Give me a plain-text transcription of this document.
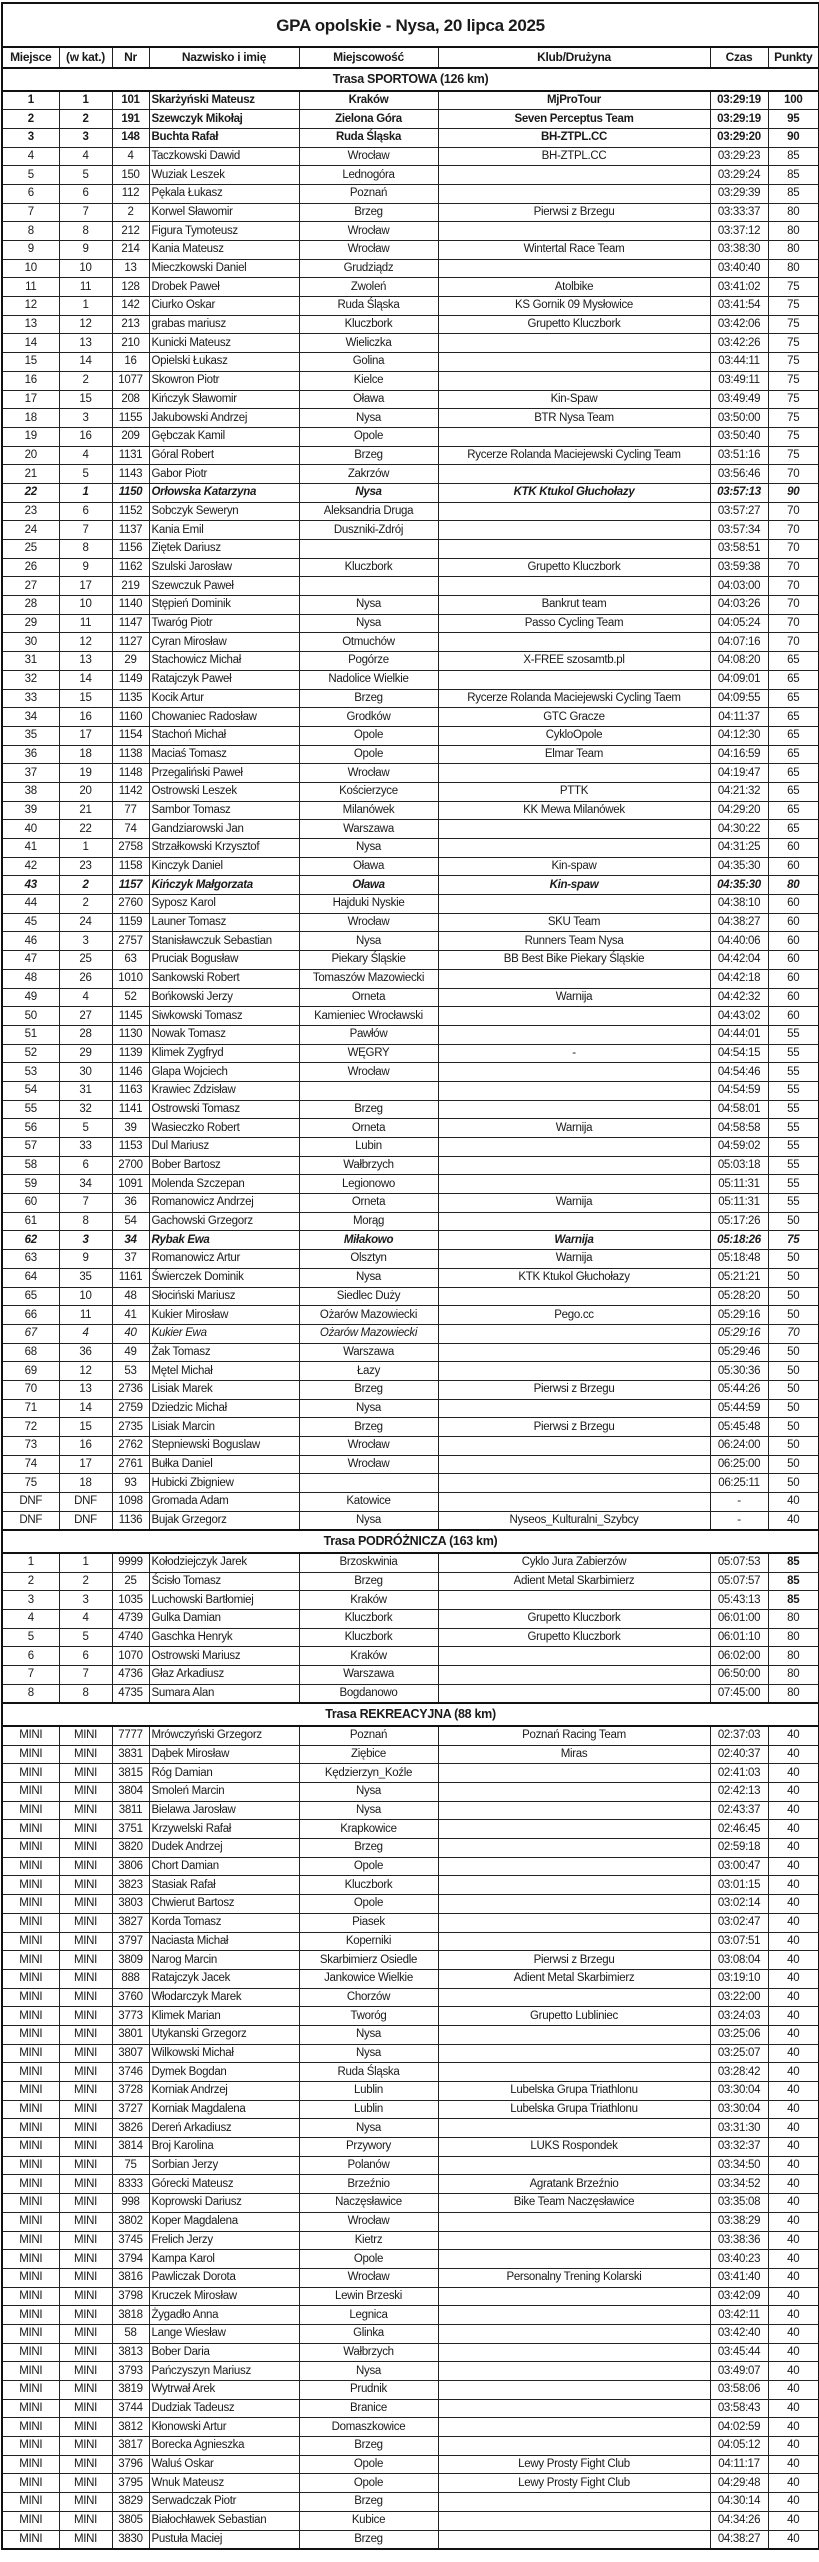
GPA opolskie - Nysa, 20 lipca 2025							
Miejsce	(w kat.)	Nr	Nazwisko i imię	Miejscowość	Klub/Drużyna	Czas	Punkty
Trasa SPORTOWA (126 km)							
1	1	101	Skarżyński Mateusz	Kraków	MjProTour	03:29:19	100
2	2	191	Szewczyk Mikołaj	Zielona Góra	Seven Perceptus Team	03:29:19	95
3	3	148	Buchta Rafał	Ruda Śląska	BH-ZTPL.CC	03:29:20	90
4	4	4	Taczkowski Dawid	Wrocław	BH-ZTPL.CC	03:29:23	85
5	5	150	Wuziak Leszek	Lednogóra		03:29:24	85
6	6	112	Pękala Łukasz	Poznań		03:29:39	85
7	7	2	Korwel Sławomir	Brzeg	Pierwsi z Brzegu	03:33:37	80
8	8	212	Figura Tymoteusz	Wrocław		03:37:12	80
9	9	214	Kania Mateusz	Wrocław	Wintertal Race Team	03:38:30	80
10	10	13	Mieczkowski Daniel	Grudziądz		03:40:40	80
11	11	128	Drobek Paweł	Zwoleń	Atolbike	03:41:02	75
12	1	142	Ciurko Oskar	Ruda Śląska	KS Gornik 09 Mysłowice	03:41:54	75
13	12	213	grabas mariusz	Kluczbork	Grupetto Kluczbork	03:42:06	75
14	13	210	Kunicki Mateusz	Wieliczka		03:42:26	75
15	14	16	Opielski Łukasz	Golina		03:44:11	75
16	2	1077	Skowron Piotr	Kielce		03:49:11	75
17	15	208	Kińczyk Sławomir	Oława	Kin-Spaw	03:49:49	75
18	3	1155	Jakubowski Andrzej	Nysa	BTR Nysa Team	03:50:00	75
19	16	209	Gębczak Kamil	Opole		03:50:40	75
20	4	1131	Góral Robert	Brzeg	Rycerze Rolanda Maciejewski Cycling Team	03:51:16	75
21	5	1143	Gabor Piotr	Zakrzów		03:56:46	70
22	1	1150	Orłowska Katarzyna	Nysa	KTK Ktukol Głuchołazy	03:57:13	90
23	6	1152	Sobczyk Seweryn	Aleksandria Druga		03:57:27	70
24	7	1137	Kania Emil	Duszniki-Zdrój		03:57:34	70
25	8	1156	Ziętek Dariusz			03:58:51	70
26	9	1162	Szulski Jarosław	Kluczbork	Grupetto Kluczbork	03:59:38	70
27	17	219	Szewczuk Paweł			04:03:00	70
28	10	1140	Stępień Dominik	Nysa	Bankrut team	04:03:26	70
29	11	1147	Twaróg Piotr	Nysa	Passo Cycling Team	04:05:24	70
30	12	1127	Cyran Mirosław	Otmuchów		04:07:16	70
31	13	29	Stachowicz Michał	Pogórze	X-FREE szosamtb.pl	04:08:20	65
32	14	1149	Ratajczyk Paweł	Nadolice Wielkie		04:09:01	65
33	15	1135	Kocik Artur	Brzeg	Rycerze Rolanda Maciejewski Cycling Taem	04:09:55	65
34	16	1160	Chowaniec Radosław	Grodków	GTC Gracze	04:11:37	65
35	17	1154	Stachoń Michał	Opole	CykloOpole	04:12:30	65
36	18	1138	Maciaś Tomasz	Opole	Elmar Team	04:16:59	65
37	19	1148	Przegaliński Paweł	Wrocław		04:19:47	65
38	20	1142	Ostrowski Leszek	Kościerzyce	PTTK	04:21:32	65
39	21	77	Sambor Tomasz	Milanówek	KK Mewa Milanówek	04:29:20	65
40	22	74	Gandziarowski Jan	Warszawa		04:30:22	65
41	1	2758	Strzałkowski Krzysztof	Nysa		04:31:25	60
42	23	1158	Kinczyk Daniel	Oława	Kin-spaw	04:35:30	60
43	2	1157	Kińczyk Małgorzata	Oława	Kin-spaw	04:35:30	80
44	2	2760	Syposz Karol	Hajduki Nyskie		04:38:10	60
45	24	1159	Launer Tomasz	Wrocław	SKU Team	04:38:27	60
46	3	2757	Stanisławczuk Sebastian	Nysa	Runners Team Nysa	04:40:06	60
47	25	63	Pruciak Bogusław	Piekary Śląskie	BB Best Bike Piekary Śląskie	04:42:04	60
48	26	1010	Sankowski Robert	Tomaszów Mazowiecki		04:42:18	60
49	4	52	Bońkowski Jerzy	Orneta	Warnija	04:42:32	60
50	27	1145	Siwkowski Tomasz	Kamieniec Wrocławski		04:43:02	60
51	28	1130	Nowak Tomasz	Pawłów		04:44:01	55
52	29	1139	Klimek Zygfryd	WĘGRY	-	04:54:15	55
53	30	1146	Glapa Wojciech	Wrocław		04:54:46	55
54	31	1163	Krawiec Zdzisław			04:54:59	55
55	32	1141	Ostrowski Tomasz	Brzeg		04:58:01	55
56	5	39	Wasieczko Robert	Orneta	Warnija	04:58:58	55
57	33	1153	Dul Mariusz	Lubin		04:59:02	55
58	6	2700	Bober Bartosz	Wałbrzych		05:03:18	55
59	34	1091	Molenda Szczepan	Legionowo		05:11:31	55
60	7	36	Romanowicz Andrzej	Orneta	Warnija	05:11:31	55
61	8	54	Gachowski Grzegorz	Morąg		05:17:26	50
62	3	34	Rybak Ewa	Miłakowo	Warnija	05:18:26	75
63	9	37	Romanowicz Artur	Olsztyn	Warnija	05:18:48	50
64	35	1161	Świerczek Dominik	Nysa	KTK Ktukol Głuchołazy	05:21:21	50
65	10	48	Słociński Mariusz	Siedlec Duży		05:28:20	50
66	11	41	Kukier Mirosław	Ożarów Mazowiecki	Pego.cc	05:29:16	50
67	4	40	Kukier Ewa	Ożarów Mazowiecki		05:29:16	70
68	36	49	Żak Tomasz	Warszawa		05:29:46	50
69	12	53	Mętel Michał	Łazy		05:30:36	50
70	13	2736	Lisiak Marek	Brzeg	Pierwsi z Brzegu	05:44:26	50
71	14	2759	Dziedzic Michał	Nysa		05:44:59	50
72	15	2735	Lisiak Marcin	Brzeg	Pierwsi z Brzegu	05:45:48	50
73	16	2762	Stepniewski Boguslaw	Wrocław		06:24:00	50
74	17	2761	Bułka Daniel	Wrocław		06:25:00	50
75	18	93	Hubicki Zbigniew			06:25:11	50
DNF	DNF	1098	Gromada Adam	Katowice		-	40
DNF	DNF	1136	Bujak Grzegorz	Nysa	Nyseos_Kulturalni_Szybcy	-	40
Trasa PODRÓŻNICZA (163 km)							
1	1	9999	Kołodziejczyk Jarek	Brzoskwinia	Cyklo Jura Zabierzów	05:07:53	85
2	2	25	Ścisło Tomasz	Brzeg	Adient Metal Skarbimierz	05:07:57	85
3	3	1035	Luchowski Bartłomiej	Kraków		05:43:13	85
4	4	4739	Gulka Damian	Kluczbork	Grupetto Kluczbork	06:01:00	80
5	5	4740	Gaschka Henryk	Kluczbork	Grupetto Kluczbork	06:01:10	80
6	6	1070	Ostrowski Mariusz	Kraków		06:02:00	80
7	7	4736	Głaz Arkadiusz	Warszawa		06:50:00	80
8	8	4735	Sumara Alan	Bogdanowo		07:45:00	80
Trasa REKREACYJNA (88 km)							
MINI	MINI	7777	Mrówczyński Grzegorz	Poznań	Poznań Racing Team	02:37:03	40
MINI	MINI	3831	Dąbek Mirosław	Ziębice	Miras	02:40:37	40
MINI	MINI	3815	Róg Damian	Kędzierzyn_Koźle		02:41:03	40
MINI	MINI	3804	Smoleń Marcin	Nysa		02:42:13	40
MINI	MINI	3811	Bielawa Jarosław	Nysa		02:43:37	40
MINI	MINI	3751	Krzywelski Rafał	Krapkowice		02:46:45	40
MINI	MINI	3820	Dudek Andrzej	Brzeg		02:59:18	40
MINI	MINI	3806	Chort Damian	Opole		03:00:47	40
MINI	MINI	3823	Stasiak Rafał	Kluczbork		03:01:15	40
MINI	MINI	3803	Chwierut Bartosz	Opole		03:02:14	40
MINI	MINI	3827	Korda Tomasz	Piasek		03:02:47	40
MINI	MINI	3797	Naciasta Michał	Koperniki		03:07:51	40
MINI	MINI	3809	Narog Marcin	Skarbimierz Osiedle	Pierwsi z Brzegu	03:08:04	40
MINI	MINI	888	Ratajczyk Jacek	Jankowice Wielkie	Adient Metal Skarbimierz	03:19:10	40
MINI	MINI	3760	Włodarczyk Marek	Chorzów		03:22:00	40
MINI	MINI	3773	Klimek Marian	Tworóg	Grupetto Lubliniec	03:24:03	40
MINI	MINI	3801	Utykanski Grzegorz	Nysa		03:25:06	40
MINI	MINI	3807	Wilkowski Michał	Nysa		03:25:07	40
MINI	MINI	3746	Dymek Bogdan	Ruda Śląska		03:28:42	40
MINI	MINI	3728	Korniak Andrzej	Lublin	Lubelska Grupa Triathlonu	03:30:04	40
MINI	MINI	3727	Korniak Magdalena	Lublin	Lubelska Grupa Triathlonu	03:30:04	40
MINI	MINI	3826	Dereń Arkadiusz	Nysa		03:31:30	40
MINI	MINI	3814	Broj Karolina	Przywory	LUKS Rospondek	03:32:37	40
MINI	MINI	75	Sorbian Jerzy	Polanów		03:34:50	40
MINI	MINI	8333	Górecki Mateusz	Brzeźnio	Agratank Brzeźnio	03:34:52	40
MINI	MINI	998	Koprowski Dariusz	Naczęsławice	Bike Team Naczęsławice	03:35:08	40
MINI	MINI	3802	Koper Magdalena	Wrocław		03:38:29	40
MINI	MINI	3745	Frelich Jerzy	Kietrz		03:38:36	40
MINI	MINI	3794	Kampa Karol	Opole		03:40:23	40
MINI	MINI	3816	Pawliczak Dorota	Wrocław	Personalny Trening Kolarski	03:41:40	40
MINI	MINI	3798	Kruczek Mirosław	Lewin Brzeski		03:42:09	40
MINI	MINI	3818	Żygadło Anna	Legnica		03:42:11	40
MINI	MINI	58	Lange Wiesław	Glinka		03:42:40	40
MINI	MINI	3813	Bober Daria	Wałbrzych		03:45:44	40
MINI	MINI	3793	Pańczyszyn Mariusz	Nysa		03:49:07	40
MINI	MINI	3819	Wytrwał Arek	Prudnik		03:58:06	40
MINI	MINI	3744	Dudziak Tadeusz	Branice		03:58:43	40
MINI	MINI	3812	Kłonowski Artur	Domaszkowice		04:02:59	40
MINI	MINI	3817	Borecka Agnieszka	Brzeg		04:05:12	40
MINI	MINI	3796	Waluś Oskar	Opole	Lewy Prosty Fight Club	04:11:17	40
MINI	MINI	3795	Wnuk Mateusz	Opole	Lewy Prosty Fight Club	04:29:48	40
MINI	MINI	3829	Serwadczak Piotr	Brzeg		04:30:14	40
MINI	MINI	3805	Białochławek Sebastian	Kubice		04:34:26	40
MINI	MINI	3830	Pustuła Maciej	Brzeg		04:38:27	40
